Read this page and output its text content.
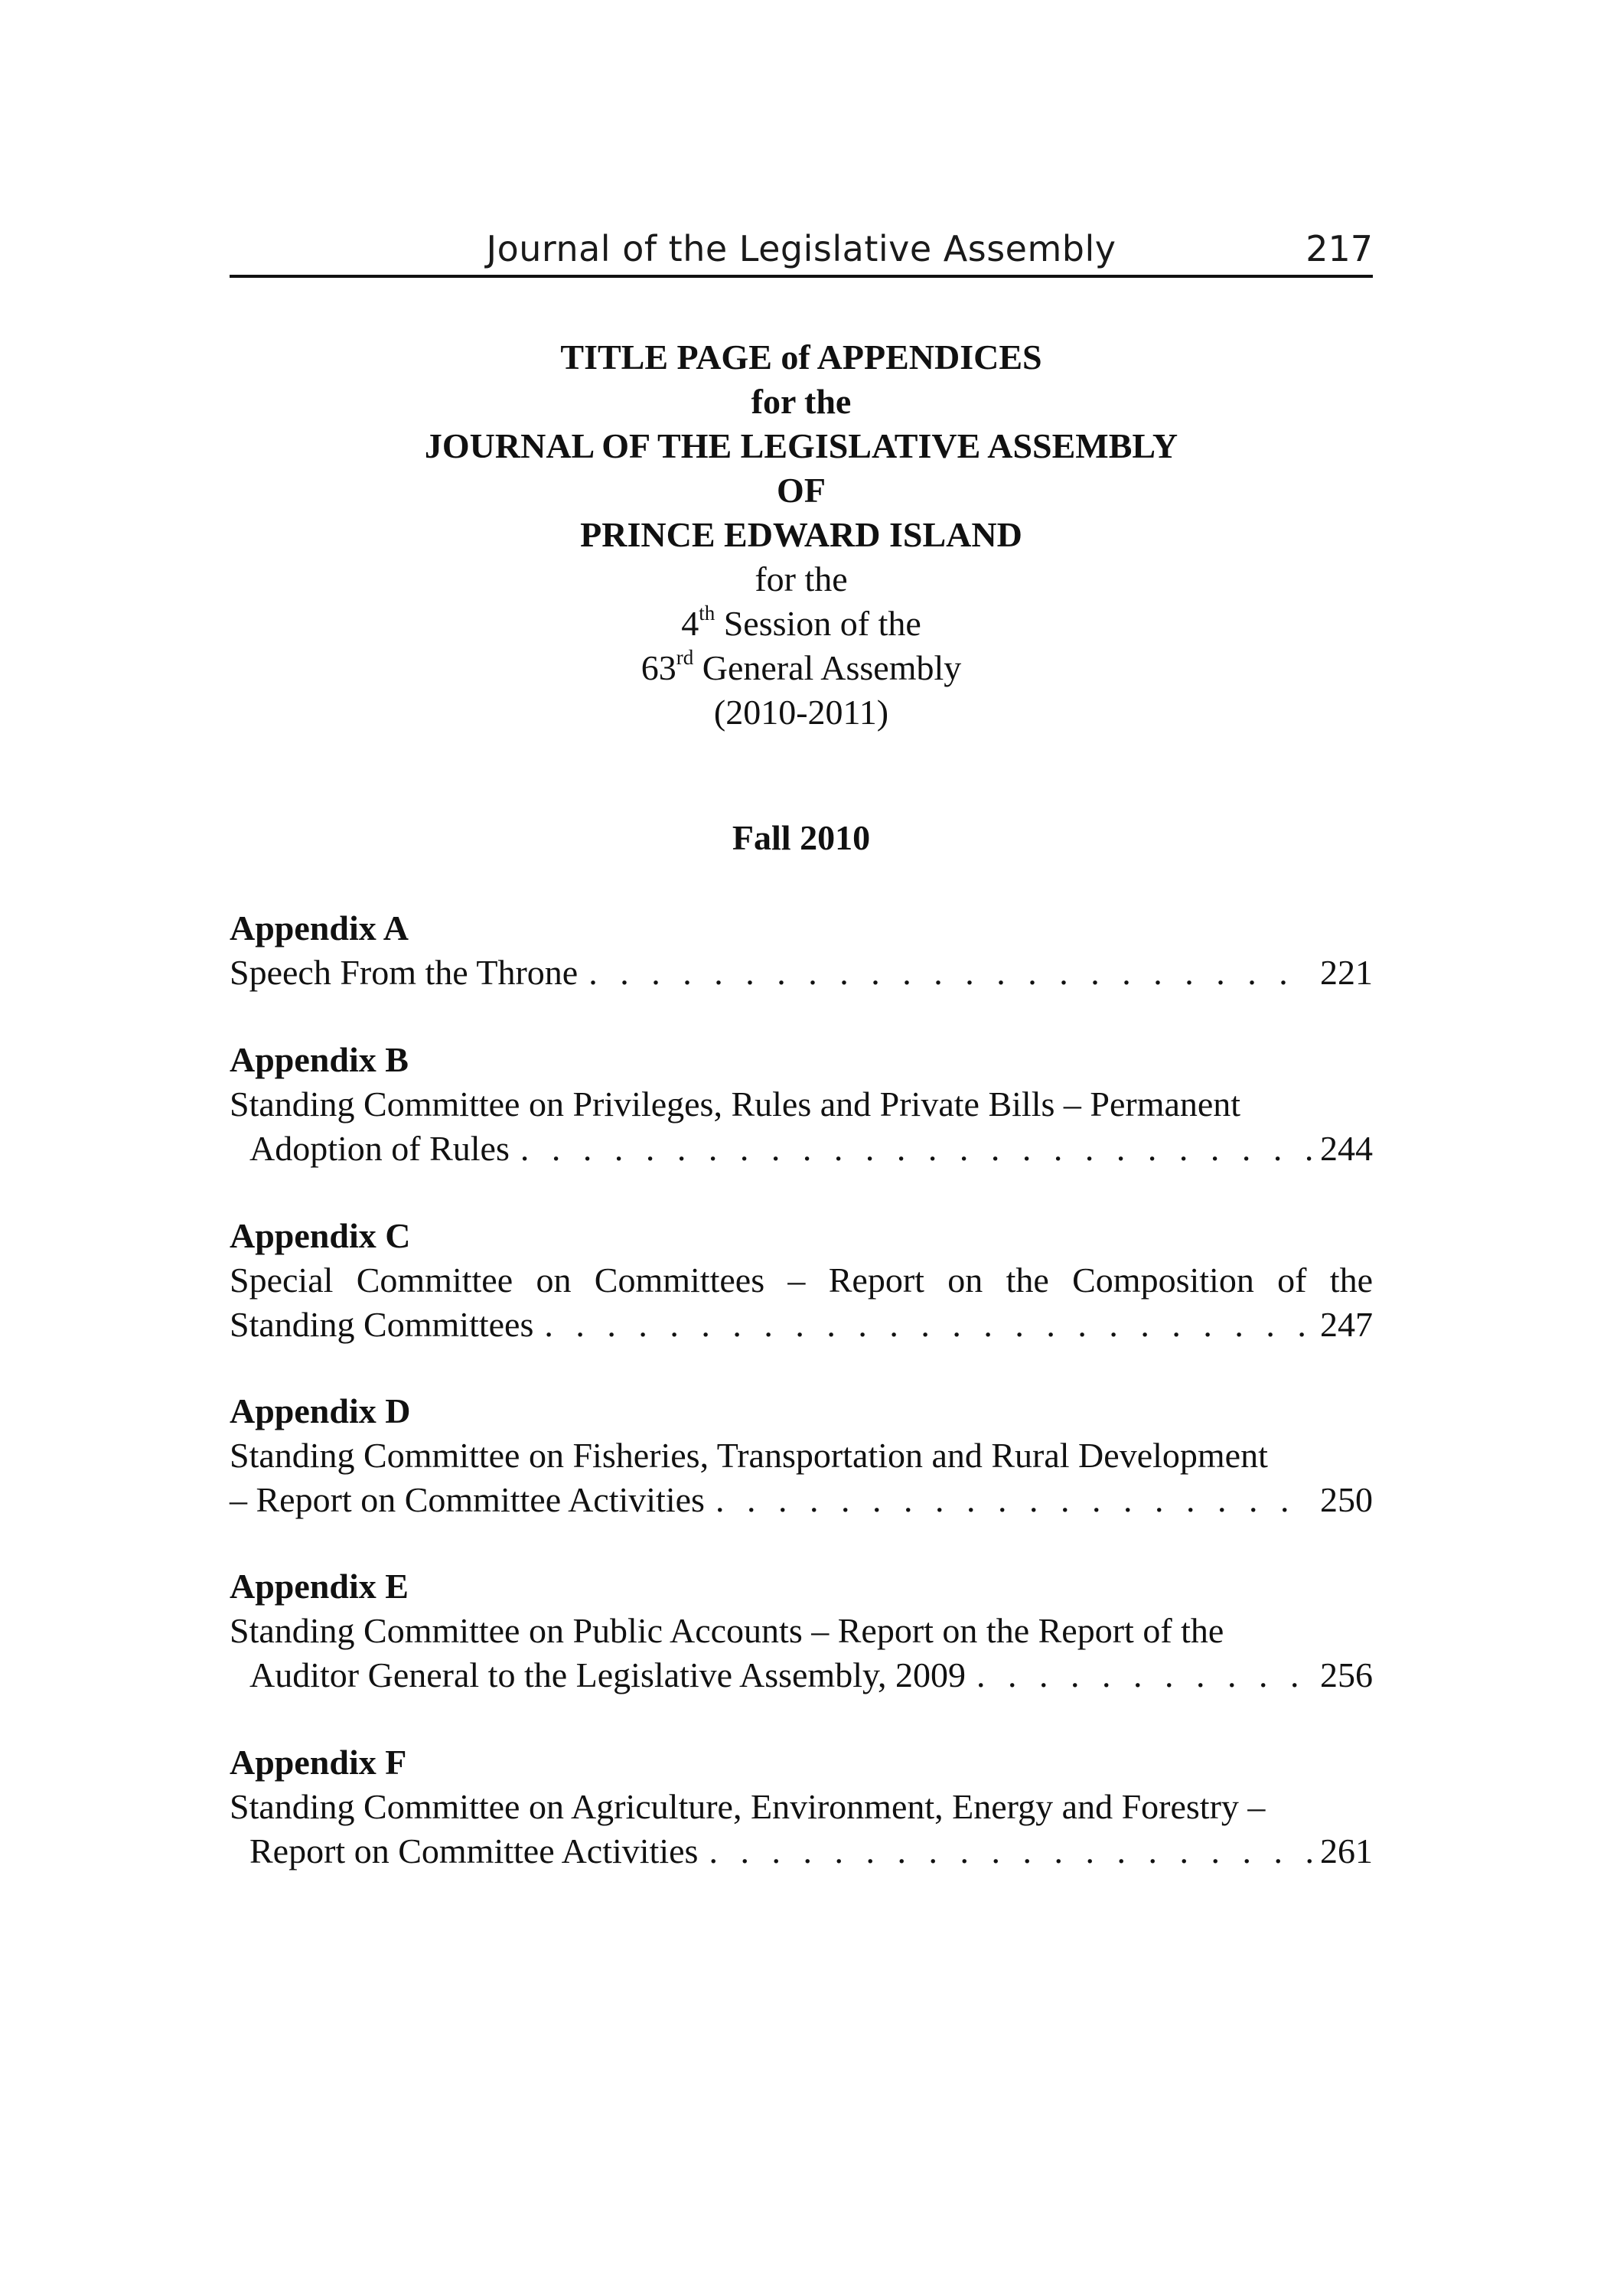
Journal of the Legislative Assembly	217
TITLE PAGE of APPENDICES
for the
JOURNAL OF THE LEGISLATIVE ASSEMBLY
OF
PRINCE EDWARD ISLAND
for the
4th Session of the
63rd General Assembly
(2010-2011)
Fall 2010
Appendix A
Speech From the Throne . . .	221
Appendix B
Standing Committee on Privileges, Rules and Private Bills – Permanent
Adoption of Rules . . .	244
Appendix C
Special Committee on Committees – Report on the Composition of the
Standing Committees . . .	247
Appendix D
Standing Committee on Fisheries, Transportation and Rural Development
– Report on Committee Activities . . .	250
Appendix E
Standing Committee on Public Accounts – Report on the Report of the
Auditor General to the Legislative Assembly, 2009 . . .	256
Appendix F
Standing Committee on Agriculture, Environment, Energy and Forestry –
Report on Committee Activities . . .	261
